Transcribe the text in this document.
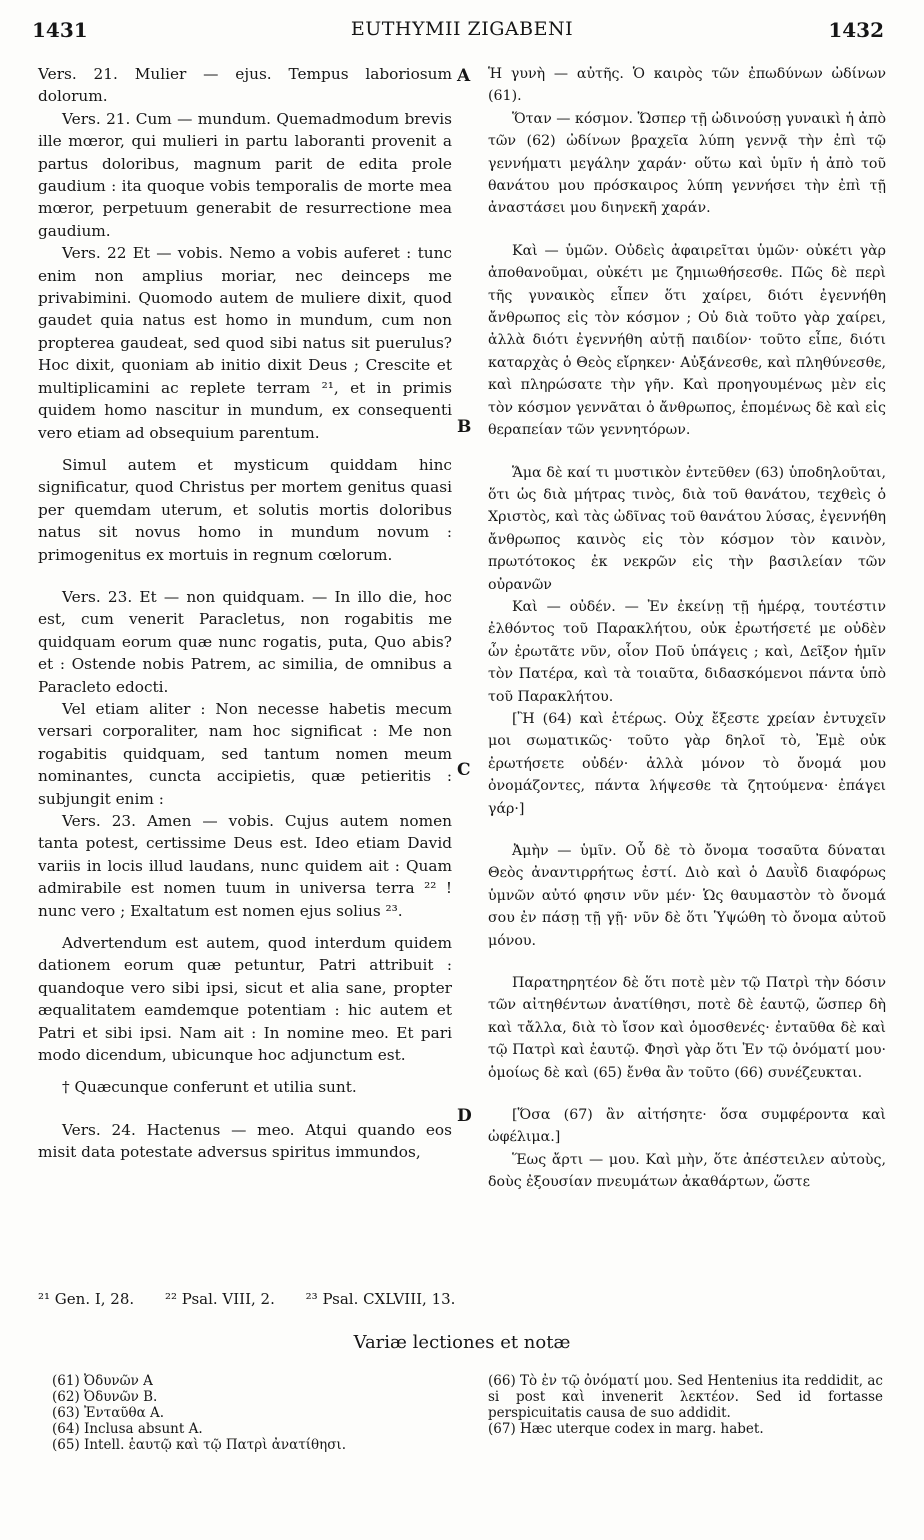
1431	EUTHYMII ZIGABENI	1432

Vers. 21. Mulier — ejus. Tempus laboriosum dolorum.

Vers. 21. Cum — mundum. Quemadmodum brevis ille mœror, qui mulieri in partu laboranti provenit a partus doloribus, magnum parit de edita prole gaudium : ita quoque vobis temporalis de morte mea mœror, perpetuum generabit de resurrectione mea gaudium.

Vers. 22 Et — vobis. Nemo a vobis auferet : tunc enim non amplius moriar, nec deinceps me privabimini. Quomodo autem de muliere dixit, quod gaudet quia natus est homo in mundum, cum non propterea gaudeat, sed quod sibi natus sit puerulus? Hoc dixit, quoniam ab initio dixit Deus ; Crescite et multiplicamini ac replete terram ²¹, et in primis quidem homo nascitur in mundum, ex consequenti vero etiam ad obsequium parentum.

Simul autem et mysticum quiddam hinc significatur, quod Christus per mortem genitus quasi per quemdam uterum, et solutis mortis doloribus natus sit novus homo in mundum novum : primogenitus ex mortuis in regnum cœlorum.

Vers. 23. Et — non quidquam. — In illo die, hoc est, cum venerit Paracletus, non rogabitis me quidquam eorum quæ nunc rogatis, puta, Quo abis? et : Ostende nobis Patrem, ac similia, de omnibus a Paracleto edocti.

Vel etiam aliter : Non necesse habetis mecum versari corporaliter, nam hoc significat : Me non rogabitis quidquam, sed tantum nomen meum nominantes, cuncta accipietis, quæ petieritis : subjungit enim :

Vers. 23. Amen — vobis. Cujus autem nomen tanta potest, certissime Deus est. Ideo etiam David variis in locis illud laudans, nunc quidem ait : Quam admirabile est nomen tuum in universa terra ²² ! nunc vero ; Exaltatum est nomen ejus solius ²³.

Advertendum est autem, quod interdum quidem dationem eorum quæ petuntur, Patri attribuit : quandoque vero sibi ipsi, sicut et alia sane, propter æqualitatem eamdemque potentiam : hic autem et Patri et sibi ipsi. Nam ait : In nomine meo. Et pari modo dicendum, ubicunque hoc adjunctum est.

† Quæcunque conferunt et utilia sunt.

Vers. 24. Hactenus — meo. Atqui quando eos misit data potestate adversus spiritus immundos,

Ἡ γυνὴ — αὐτῆς. Ὁ καιρὸς τῶν ἐπωδύνων ὠδίνων (61).

Ὅταν — κόσμον. Ὥσπερ τῇ ὠδινούσῃ γυναικὶ ἡ ἀπὸ τῶν (62) ὠδίνων βραχεῖα λύπη γεννᾷ τὴν ἐπὶ τῷ γεννήματι μεγάλην χαράν· οὕτω καὶ ὑμῖν ἡ ἀπὸ τοῦ θανάτου μου πρόσκαιρος λύπη γεννήσει τὴν ἐπὶ τῇ ἀναστάσει μου διηνεκῆ χαράν.

Καὶ — ὑμῶν. Οὐδεὶς ἀφαιρεῖται ὑμῶν· οὐκέτι γὰρ ἀποθανοῦμαι, οὐκέτι με ζημιωθήσεσθε. Πῶς δὲ περὶ τῆς γυναικὸς εἶπεν ὅτι χαίρει, διότι ἐγεννήθη ἄνθρωπος εἰς τὸν κόσμον ; Οὐ διὰ τοῦτο γὰρ χαίρει, ἀλλὰ διότι ἐγεννήθη αὐτῇ παιδίον· τοῦτο εἶπε, διότι καταρχὰς ὁ Θεὸς εἴρηκεν· Αὐξάνεσθε, καὶ πληθύνεσθε, καὶ πληρώσατε τὴν γῆν. Καὶ προηγουμένως μὲν εἰς τὸν κόσμον γεννᾶται ὁ ἄνθρωπος, ἑπομένως δὲ καὶ εἰς θεραπείαν τῶν γεννητόρων.

Ἅμα δὲ καί τι μυστικὸν ἐντεῦθεν (63) ὑποδηλοῦται, ὅτι ὡς διὰ μήτρας τινὸς, διὰ τοῦ θανάτου, τεχθεὶς ὁ Χριστὸς, καὶ τὰς ὠδῖνας τοῦ θανάτου λύσας, ἐγεννήθη ἄνθρωπος καινὸς εἰς τὸν κόσμον τὸν καινὸν, πρωτότοκος ἐκ νεκρῶν εἰς τὴν βασιλείαν τῶν οὐρανῶν

Καὶ — οὐδέν. — Ἐν ἐκείνῃ τῇ ἡμέρᾳ, τουτέστιν ἐλθόντος τοῦ Παρακλήτου, οὐκ ἐρωτήσετέ με οὐδὲν ὧν ἐρωτᾶτε νῦν, οἷον Ποῦ ὑπάγεις ; καὶ, Δεῖξον ἡμῖν τὸν Πατέρα, καὶ τὰ τοιαῦτα, διδασκόμενοι πάντα ὑπὸ τοῦ Παρακλήτου.

[Ἢ (64) καὶ ἑτέρως. Οὐχ ἔξεστε χρείαν ἐντυχεῖν μοι σωματικῶς· τοῦτο γὰρ δηλοῖ τὸ, Ἐμὲ οὐκ ἐρωτήσετε οὐδέν· ἀλλὰ μόνον τὸ ὄνομά μου ὀνομάζοντες, πάντα λήψεσθε τὰ ζητούμενα· ἐπάγει γάρ·]

Ἀμὴν — ὑμῖν. Οὗ δὲ τὸ ὄνομα τοσαῦτα δύναται Θεὸς ἀναντιρρήτως ἐστί. Διὸ καὶ ὁ Δαυῒδ διαφόρως ὑμνῶν αὐτό φησιν νῦν μέν· Ὡς θαυμαστὸν τὸ ὄνομά σου ἐν πάσῃ τῇ γῇ· νῦν δὲ ὅτι Ὑψώθη τὸ ὄνομα αὐτοῦ μόνου.

Παρατηρητέον δὲ ὅτι ποτὲ μὲν τῷ Πατρὶ τὴν δόσιν τῶν αἰτηθέντων ἀνατίθησι, ποτὲ δὲ ἑαυτῷ, ὥσπερ δὴ καὶ τἄλλα, διὰ τὸ ἴσον καὶ ὁμοσθενές· ἐνταῦθα δὲ καὶ τῷ Πατρὶ καὶ ἑαυτῷ. Φησὶ γὰρ ὅτι Ἐν τῷ ὀνόματί μου· ὁμοίως δὲ καὶ (65) ἔνθα ἂν τοῦτο (66) συνέζευκται.

[Ὅσα (67) ἂν αἰτήσητε· ὅσα συμφέροντα καὶ ὠφέλιμα.]

Ἕως ἄρτι — μου. Καὶ μὴν, ὅτε ἀπέστειλεν αὐτοὺς, δοὺς ἐξουσίαν πνευμάτων ἀκαθάρτων, ὥστε

A
B
C
D
²¹ Gen. I, 28. ²² Psal. VIII, 2. ²³ Psal. CXLVIII, 13.
Variæ lectiones et notæ
(61) Ὀδυνῶν A
(62) Ὀδυνῶν B.
(63) Ἐνταῦθα A.
(64) Inclusa absunt A.
(65) Intell. ἑαυτῷ καὶ τῷ Πατρὶ ἀνατίθησι.
(66) Τὸ ἐν τῷ ὀνόματί μου. Sed Hentenius ita reddidit, ac si post καὶ invenerit λεκτέον. Sed id fortasse perspicuitatis causa de suo addidit.
(67) Hæc uterque codex in marg. habet.
